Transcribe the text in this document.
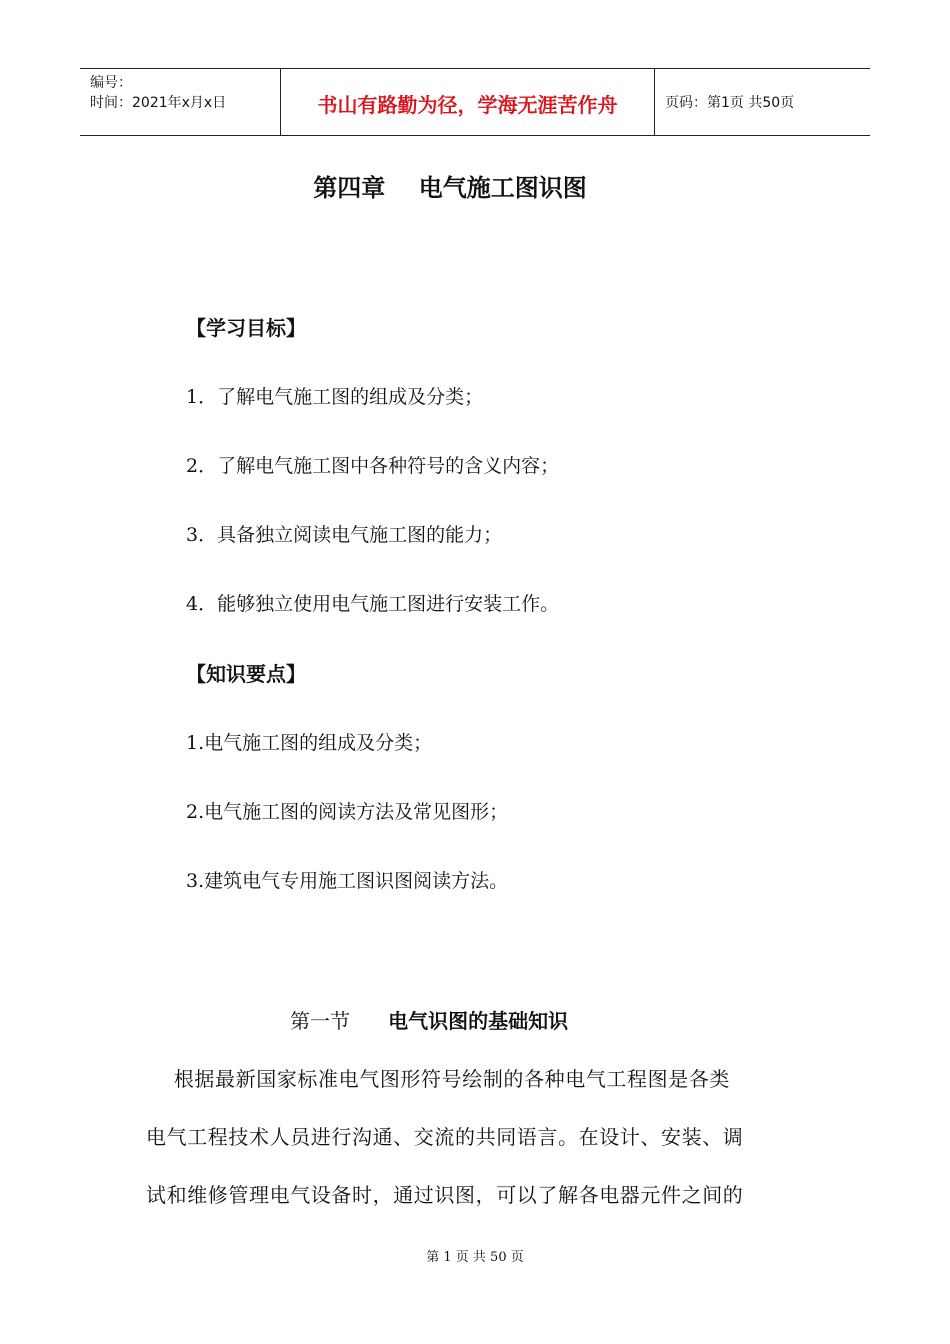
编号：
时间：2021年x月x日	书山有路勤为径，学海无涯苦作舟	页码：第1页 共50页
第四章    电气施工图识图
【学习目标】
1．了解电气施工图的组成及分类；
2．了解电气施工图中各种符号的含义内容；
3．具备独立阅读电气施工图的能力；
4．能够独立使用电气施工图进行安装工作。
【知识要点】
1.电气施工图的组成及分类；
2.电气施工图的阅读方法及常见图形；
3.建筑电气专用施工图识图阅读方法。
第一节 电气识图的基础知识
根据最新国家标准电气图形符号绘制的各种电气工程图是各类
电气工程技术人员进行沟通、交流的共同语言。在设计、安装、调
试和维修管理电气设备时，通过识图，可以了解各电器元件之间的
第 1 页 共 50 页
